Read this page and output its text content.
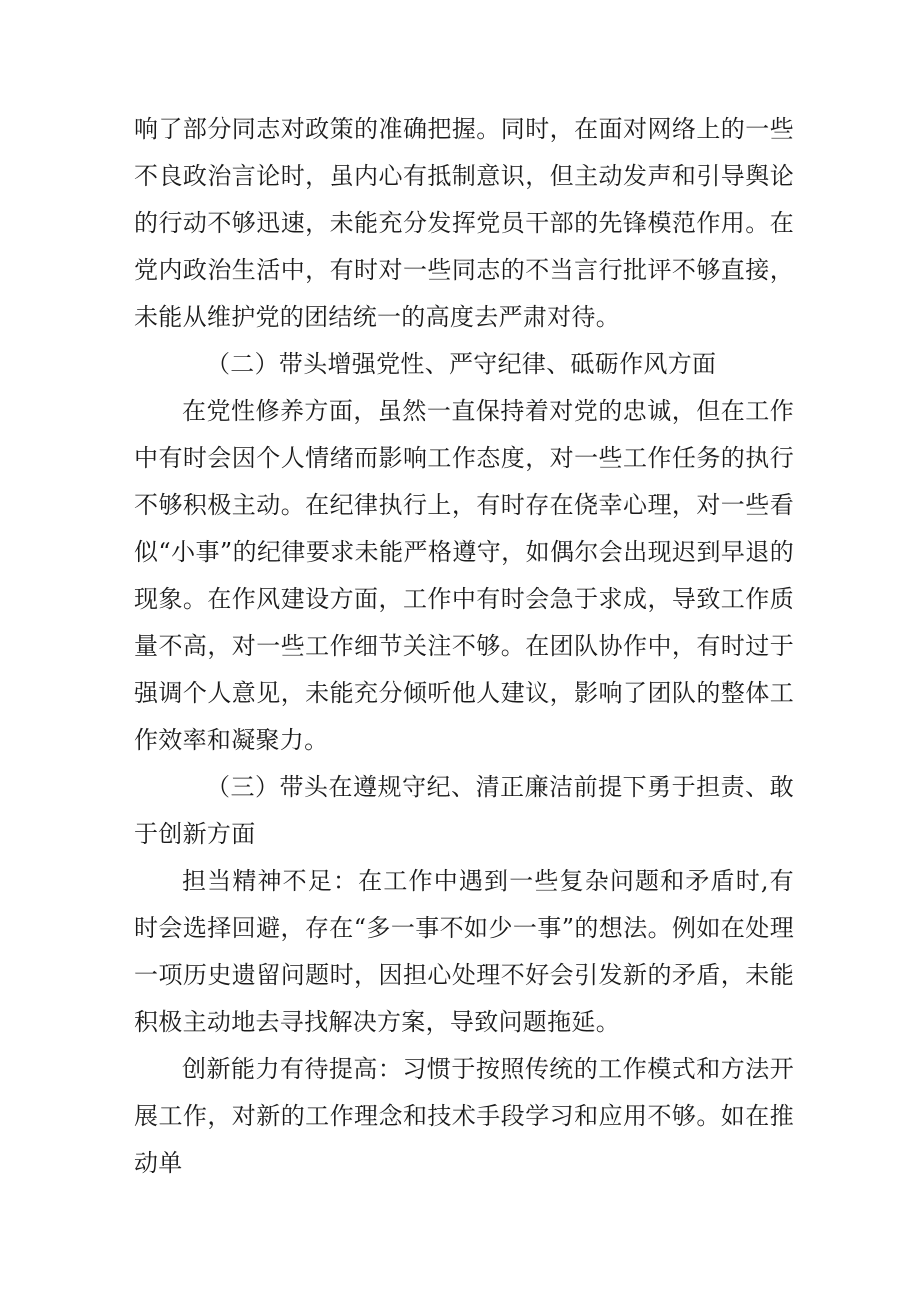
响了部分同志对政策的准确把握。同时，在面对网络上的一些不良政治言论时，虽内心有抵制意识，但主动发声和引导舆论的行动不够迅速，未能充分发挥党员干部的先锋模范作用。在党内政治生活中，有时对一些同志的不当言行批评不够直接，未能从维护党的团结统一的高度去严肃对待。

（二）带头增强党性、严守纪律、砥砺作风方面

在党性修养方面，虽然一直保持着对党的忠诚，但在工作中有时会因个人情绪而影响工作态度，对一些工作任务的执行不够积极主动。在纪律执行上，有时存在侥幸心理，对一些看似“小事”的纪律要求未能严格遵守，如偶尔会出现迟到早退的现象。在作风建设方面，工作中有时会急于求成，导致工作质量不高，对一些工作细节关注不够。在团队协作中，有时过于强调个人意见，未能充分倾听他人建议，影响了团队的整体工作效率和凝聚力。

（三）带头在遵规守纪、清正廉洁前提下勇于担责、敢于创新方面

担当精神不足：在工作中遇到一些复杂问题和矛盾时,有时会选择回避，存在“多一事不如少一事”的想法。例如在处理一项历史遗留问题时，因担心处理不好会引发新的矛盾，未能积极主动地去寻找解决方案，导致问题拖延。

创新能力有待提高：习惯于按照传统的工作模式和方法开展工作，对新的工作理念和技术手段学习和应用不够。如在推动单
